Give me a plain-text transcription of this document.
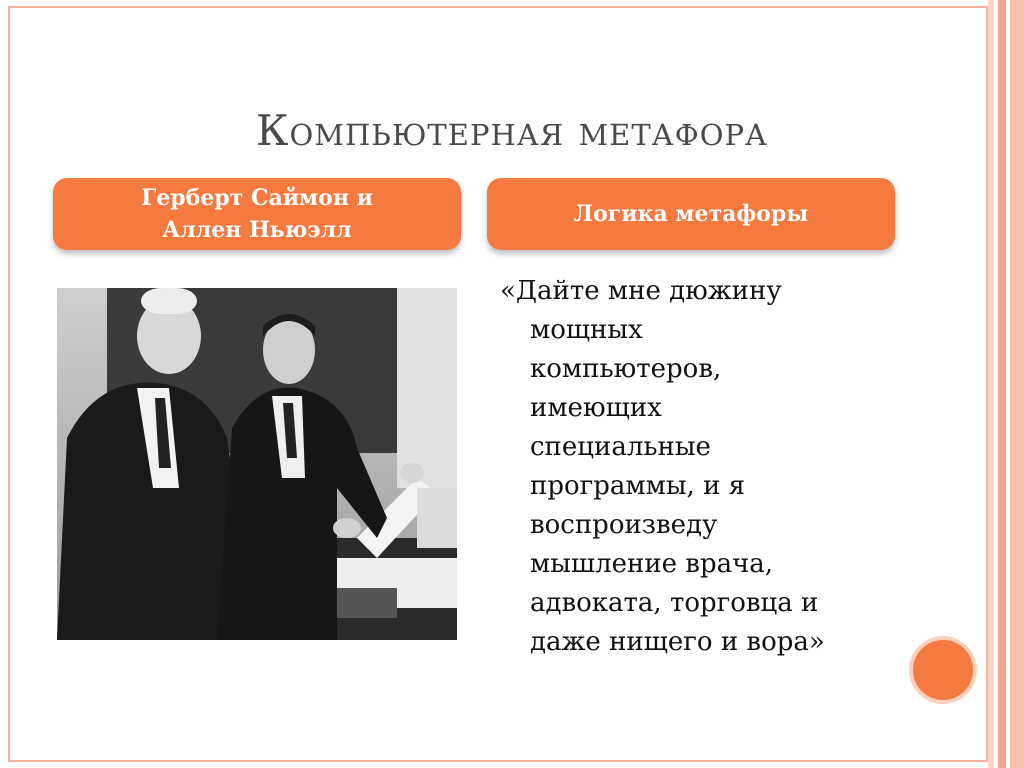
Компьютерная метафора
Герберт Саймон и
Аллен Ньюэлл
Логика метафоры
«Дайте мне дюжину
мощных
компьютеров,
имеющих
специальные
программы, и я
воспроизведу
мышление врача,
адвоката, торговца и
даже нищего и вора»
